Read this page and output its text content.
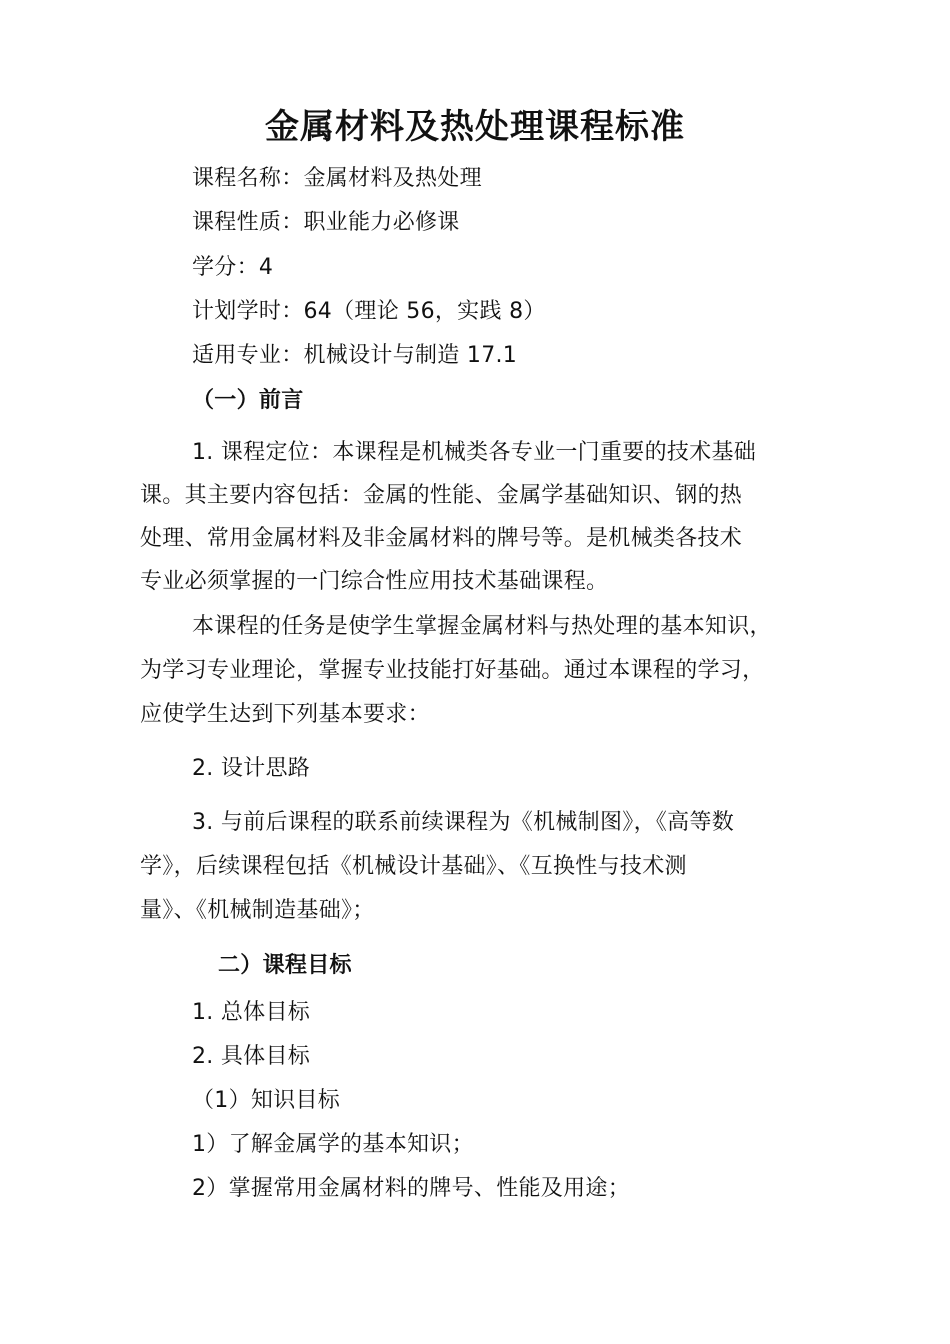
金属材料及热处理课程标准
课程名称：金属材料及热处理
课程性质：职业能力必修课
学分：4
计划学时：64（理论 56，实践 8）
适用专业：机械设计与制造 17.1
（一）前言
1. 课程定位：本课程是机械类各专业一门重要的技术基础
课。其主要内容包括：金属的性能、金属学基础知识、钢的热
处理、常用金属材料及非金属材料的牌号等。是机械类各技术
专业必须掌握的一门综合性应用技术基础课程。
本课程的任务是使学生掌握金属材料与热处理的基本知识，
为学习专业理论，掌握专业技能打好基础。通过本课程的学习，
应使学生达到下列基本要求：
2. 设计思路
3. 与前后课程的联系前续课程为《机械制图》，《高等数
学》，后续课程包括《机械设计基础》、《互换性与技术测
量》、《机械制造基础》；
二）课程目标
1. 总体目标
2. 具体目标
（1）知识目标
1）了解金属学的基本知识；
2）掌握常用金属材料的牌号、性能及用途；
